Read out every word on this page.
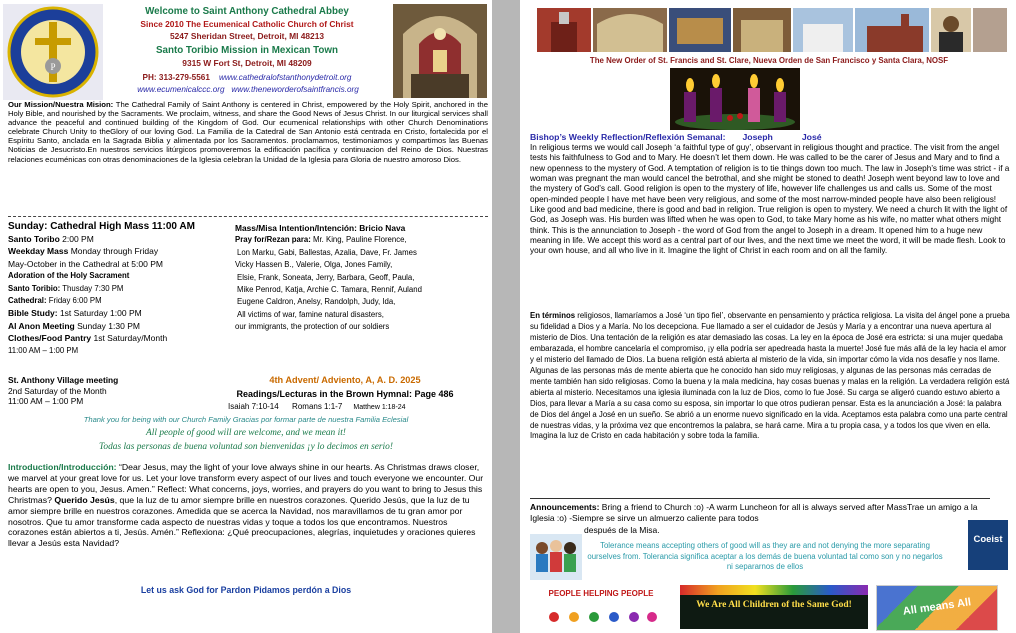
P
Welcome to Saint Anthony Cathedral Abbey
Since 2010 The Ecumenical Catholic Church of Christ
5247 Sheridan Street, Detroit, MI 48213
Santo Toribio Mission in Mexican Town
9315 W Fort St, Detroit, MI 48209
PH: 313-279-5561 www.cathedralofstanthonydetroit.org
www.ecumenicalccc.org www.theneworderofsaintfrancis.org

Our Mission/Nuestra Mision: The Cathedral Family of Saint Anthony is centered in Christ, empowered by the Holy Spirit, anchored in the Holy Bible, and nourished by the Sacraments. We proclaim, witness, and share the Good News of Jesus Christ. In our liturgical services shall advance the peaceful and continued building of the Kingdom of God. Our ecumenical relationships with other Church Denominations celebrate Church Unity to theGlory of our loving God. La Familia de la Catedral de San Antonio está centrada en Cristo, fortalecida por el Espíritu Santo, anclada en la Sagrada Biblia y alimentada por los Sacramentos. proclamamos, testimoniamos y compartimos las Buenas Noticias de Jesucristo.En nuestros servicios litúrgicos promoveremos la edificación pacífica y continuacion del Reino de Dios. Nuestras relaciones ecuménicas con otras denominaciones de la Iglesia celebran la Unidad de la Iglesia para Gloria de nuestro amoroso Dios.

Sunday: Cathedral High Mass 11:00 AM
Santo Toribo 2:00 PM
Weekday Mass Monday through Friday
May-October in the Cathedral at 5:00 PM
Adoration of the Holy Sacrament
Santo Toribio: Thusday 7:30 PM
Cathedral: Friday 6:00 PM
Bible Study: 1st Saturday 1:00 PM
Al Anon Meeting Sunday 1:30 PM
Clothes/Food Pantry 1st Saturday/Month
11:00 AM – 1:00 PM
Mass/Misa Intention/Intención: Bricio Nava
Pray for/Rezan para: Mr. King, Pauline Florence,
Lon Marku, Gabi, Ballestas, Azalia, Dave, Fr. James
Vicky Hassen B., Valerie, Olga, Jones Family,
Elsie, Frank, Soneata, Jerry, Barbara, Geoff, Paula,
Mike Penrod, Katja, Archie C. Tamara, Rennif, Auland
Eugene Caldron, Anelsy, Randolph, Judy, Ida,
All victims of war, famine natural disasters,
our immigrants, the protection of our soldiers
St. Anthony Village meeting
2nd Saturday of the Month
11:00 AM – 1:00 PM
4th Advent/ Adviento, A, A. D. 2025
Readings/Lecturas in the Brown Hymnal: Page 486
Isaiah 7:10-14 Romans 1:1-7 Matthew 1:18-24
Thank you for being with our Church Family Gracias por formar parte de nuestra Familia Eclesial
All people of good will are welcome, and we mean it!
Todas las personas de buena voluntad son bienvenidas ¡y lo decimos en serio!

Introduction/Introducción: “Dear Jesus, may the light of your love always shine in our hearts. As Christmas draws closer, we marvel at your great love for us. Let your love transform every aspect of our lives and touch everyone we encounter. Our hearts are open to you, Jesus. Amen.” Reflect: What concerns, joys, worries, and prayers do you want to bring to Jesus this Christmas? Querido Jesús, que la luz de tu amor siempre brille en nuestros corazones. Querido Jesús, que la luz de tu amor siempre brille en nuestros corazones. Amedida que se acerca la Navidad, nos maravillamos de tu gran amor por nosotros. Que tu amor transforme cada aspecto de nuestras vidas y toque a todos los que encontramos. Nuestros corazones están abiertos a ti, Jesús. Amén.” Reflexiona: ¿Qué preocupaciones, alegrías, inquietudes y oraciones quieres llevar a Jesús esta Navidad?

Let us ask God for Pardon Pidamos perdón a Dios
The New Order of St. Francis and St. Clare, Nueva Orden de San Francisco y Santa Clara, NOSF
Bishop’s Weekly Reflection/Reflexión Semanal: Joseph	José

In religious terms we would call Joseph ‘a faithful type of guy’, observant in religious thought and practice. The visit from the angel tests his faithfulness to God and to Mary. He doesn’t let them down. He was called to be the carer of Jesus and Mary and to find a new openness to the mystery of God. A temptation of religion is to tie things down too much. The law in Joseph’s time was strict - if a woman was pregnant the man would cancel the betrothal, and she might be stoned to death! Joseph went beyond law to love and the mystery of God’s call. Good religion is open to the mystery of life, however life challenges us and calls us. Some of the most open-minded people I have met have been very religious, and some of the most narrow-minded people have also been religious! Like good and bad medicine, there is good and bad in religion. True religion is open to mystery. We need a church lit with the light of God, as Joseph was. His burden was lifted when he was open to God, to take Mary home as his wife, no matter what others might think. This is the annunciation to Joseph - the word of God from the angel to Joseph in a dream. It opened him to a huge new meaning in life. We accept this word as a central part of our lives, and the next time we meet the word, it will be made flesh. Look to your own house, and all who live in it. Imagine the light of Christ in each room and on all the family.

En términos religiosos, llamaríamos a José ‘un tipo fiel’, observante en pensamiento y práctica religiosa. La visita del ángel pone a prueba su fidelidad a Dios y a María. No los decepciona. Fue llamado a ser el cuidador de Jesús y María y a encontrar una nueva apertura al misterio de Dios. Una tentación de la religión es atar demasiado las cosas. La ley en la época de José era estricta: si una mujer quedaba embarazada, el hombre cancelaría el compromiso, ¡y ella podría ser apedreada hasta la muerte! José fue más allá de la ley hacia el amor y el misterio del llamado de Dios. La buena religión está abierta al misterio de la vida, sin importar cómo la vida nos desafíe y nos llame. Algunas de las personas más de mente abierta que he conocido han sido muy religiosas, y algunas de las personas más cerradas de mente también han sido religiosas. Como la buena y la mala medicina, hay cosas buenas y malas en la religión. La verdadera religión está abierta al misterio. Necesitamos una iglesia iluminada con la luz de Dios, como lo fue José. Su carga se aligeró cuando estuvo abierto a Dios, para llevar a María a su casa como su esposa, sin importar lo que otros pudieran pensar. Esta es la anunciación a José: la palabra de Dios del ángel a José en un sueño. Se abrió a un enorme nuevo significado en la vida. Aceptamos esta palabra como una parte central de nuestras vidas, y la próxima vez que encontremos la palabra, se hará carne. Mira a tu propia casa, y a todos los que viven en ella. Imagina la luz de Cristo en cada habitación y sobre toda la familia.

Announcements: Bring a friend to Church :o) -A warm Luncheon for all is always served after MassTrae un amigo a la Iglesia :o) -Siempre se sirve un almuerzo caliente para todos

después de la Misa.
Tolerance means accepting others of good will as they are and not denying the more separating ourselves from. Tolerancia significa aceptar a los demás de buena voluntad tal como son y no negarlos ni separarnos de ellos
Coeist
PEOPLE HELPING PEOPLE
We Are All Children of the Same God!	All means All
